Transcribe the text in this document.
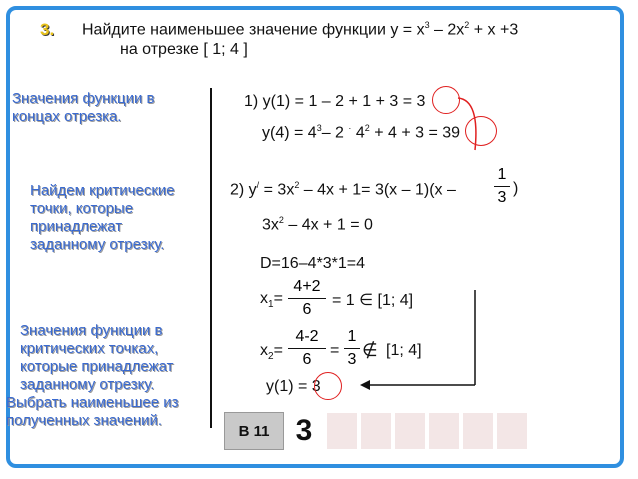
3. Найдите наименьшее значение функции $у = х^3 - 2х^2 + х +3$
на отрезке [ 1; 4 ]
Значения функции в
концах отрезка.
Найдем критические
точки, которые
принадлежат
заданному отрезку.
Значения функции в
критических точках,
которые принадлежат
заданному отрезку.
Выбрать наименьшее из
полученных значений.
1) у(1) = 1 – 2 + 1 + 3 = 3
$у(4) = 4^3-$ 2 · $4^2 + 4 + 3 = 39$
2) $у^/ = 3х^2 - 4х + 1= 3(х - 1)(х$ –
1
3
)
$3х^2 - 4х + 1 = 0$
D=16–4*3*1=4
$х_1=$
4+2
6
= 1 ∈ [1; 4]
$х_2=$
4-2
6
=
1
3 ∉ [1; 4]
у(1) = 3
В 11 3
